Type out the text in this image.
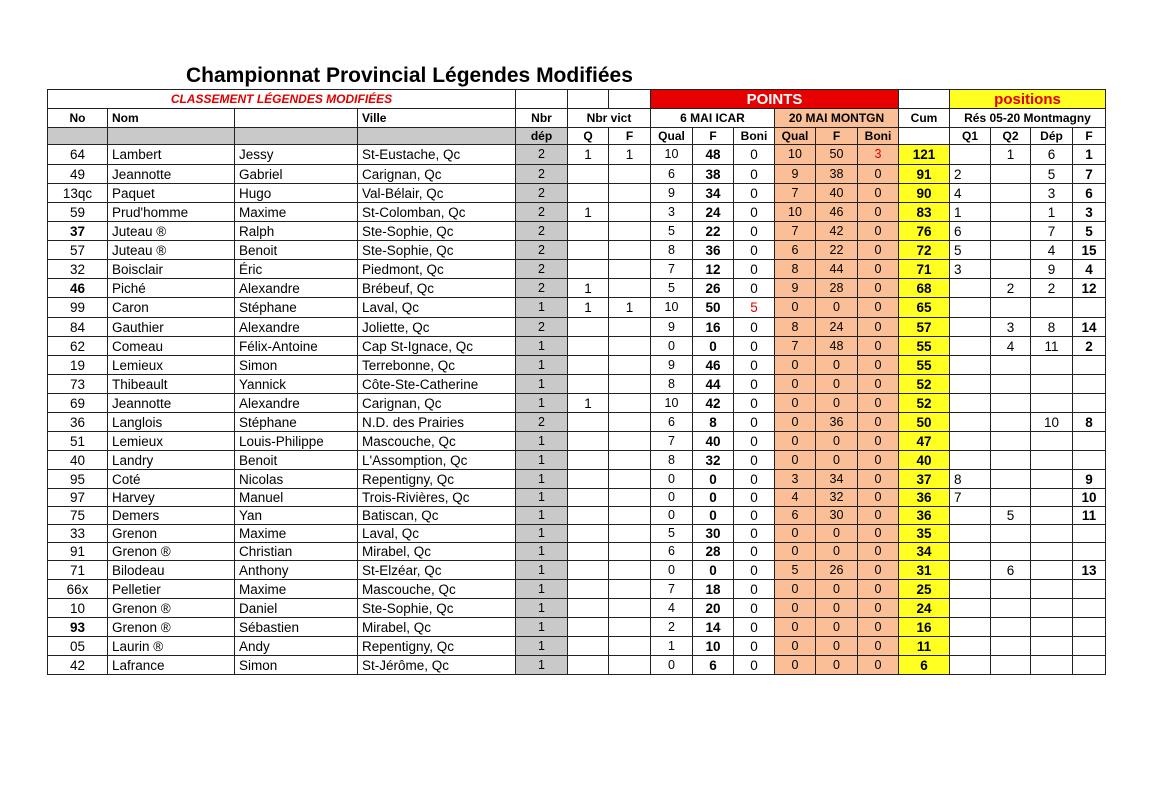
Championnat Provincial Légendes Modifiées
CLASSEMENT LÉGENDES MODIFIÉES							POINTS							positions			
No	Nom		Ville	Nbr	Nbr vict		6 MAI ICAR			20 MAI MONTGN			Cum	Rés 05-20 Montmagny			
				dép	Q	F	Qual	F	Boni	Qual	F	Boni		Q1	Q2	Dép	F
64	Lambert	Jessy	St-Eustache, Qc	2	1	1	10	48	0	10	50	3	121		1	6	1
49	Jeannotte	Gabriel	Carignan, Qc	2			6	38	0	9	38	0	91	2		5	7
13qc	Paquet	Hugo	Val-Bélair, Qc	2			9	34	0	7	40	0	90	4		3	6
59	Prud'homme	Maxime	St-Colomban, Qc	2	1		3	24	0	10	46	0	83	1		1	3
37	Juteau ®	Ralph	Ste-Sophie, Qc	2			5	22	0	7	42	0	76	6		7	5
57	Juteau ®	Benoit	Ste-Sophie, Qc	2			8	36	0	6	22	0	72	5		4	15
32	Boisclair	Éric	Piedmont, Qc	2			7	12	0	8	44	0	71	3		9	4
46	Piché	Alexandre	Brébeuf, Qc	2	1		5	26	0	9	28	0	68		2	2	12
99	Caron	Stéphane	Laval, Qc	1	1	1	10	50	5	0	0	0	65				
84	Gauthier	Alexandre	Joliette, Qc	2			9	16	0	8	24	0	57		3	8	14
62	Comeau	Félix-Antoine	Cap St-Ignace, Qc	1			0	0	0	7	48	0	55		4	11	2
19	Lemieux	Simon	Terrebonne, Qc	1			9	46	0	0	0	0	55				
73	Thibeault	Yannick	Côte-Ste-Catherine	1			8	44	0	0	0	0	52				
69	Jeannotte	Alexandre	Carignan, Qc	1	1		10	42	0	0	0	0	52				
36	Langlois	Stéphane	N.D. des Prairies	2			6	8	0	0	36	0	50			10	8
51	Lemieux	Louis-Philippe	Mascouche, Qc	1			7	40	0	0	0	0	47				
40	Landry	Benoit	L'Assomption, Qc	1			8	32	0	0	0	0	40				
95	Coté	Nicolas	Repentigny, Qc	1			0	0	0	3	34	0	37	8			9
97	Harvey	Manuel	Trois-Rivières, Qc	1			0	0	0	4	32	0	36	7			10
75	Demers	Yan	Batiscan, Qc	1			0	0	0	6	30	0	36		5		11
33	Grenon	Maxime	Laval, Qc	1			5	30	0	0	0	0	35				
91	Grenon ®	Christian	Mirabel, Qc	1			6	28	0	0	0	0	34				
71	Bilodeau	Anthony	St-Elzéar, Qc	1			0	0	0	5	26	0	31		6		13
66x	Pelletier	Maxime	Mascouche, Qc	1			7	18	0	0	0	0	25				
10	Grenon ®	Daniel	Ste-Sophie, Qc	1			4	20	0	0	0	0	24				
93	Grenon ®	Sébastien	Mirabel, Qc	1			2	14	0	0	0	0	16				
05	Laurin ®	Andy	Repentigny, Qc	1			1	10	0	0	0	0	11				
42	Lafrance	Simon	St-Jérôme, Qc	1			0	6	0	0	0	0	6				
